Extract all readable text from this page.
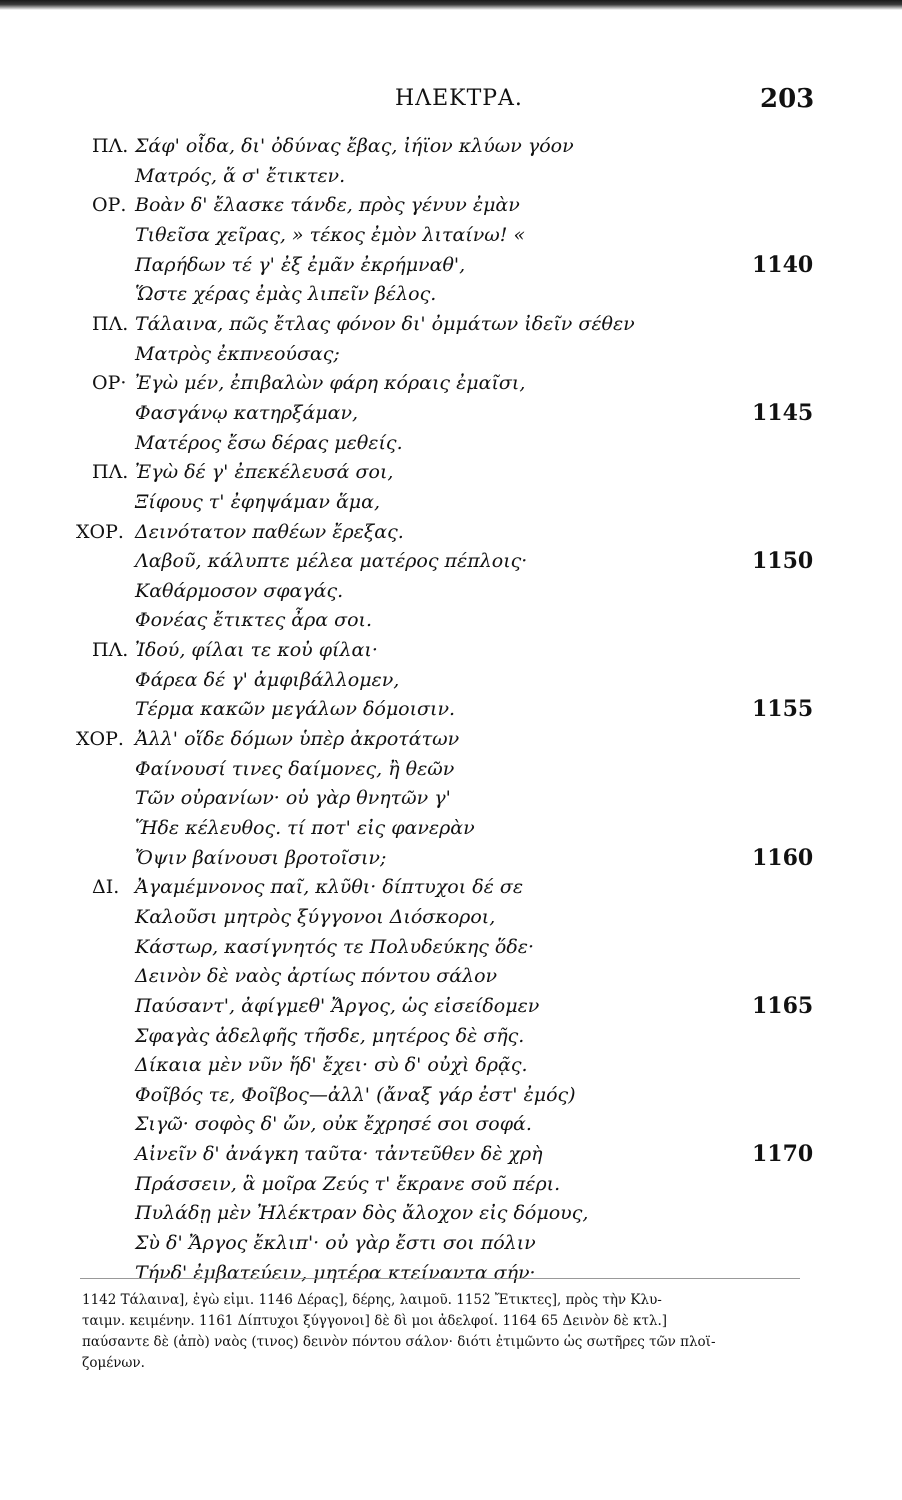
ΗΛΕΚΤΡΑ.	203
ΠΛ. Σάφ' οἶδα, δι' ὀδύνας ἔβας, ἰήϊον κλύων γόον
Ματρός, ἅ σ' ἔτικτεν.
ΟΡ. Βοὰν δ' ἔλασκε τάνδε, πρὸς γένυν ἐμὰν
Τιθεῖσα χεῖρας, » τέκος ἐμὸν λιταίνω! «
Παρήδων τέ γ' ἐξ ἐμᾶν ἐκρήμναθ',	1140
Ὥστε χέρας ἐμὰς λιπεῖν βέλος.
ΠΛ. Τάλαινα, πῶς ἔτλας φόνον δι' ὀμμάτων ἰδεῖν σέθεν
Ματρὸς ἐκπνεούσας;
ΟΡ· Ἐγὼ μέν, ἐπιβαλὼν φάρη κόραις ἐμαῖσι,
Φασγάνῳ κατηρξάμαν,	1145
Ματέρος ἔσω δέρας μεθείς.
ΠΛ. Ἐγὼ δέ γ' ἐπεκέλευσά σοι,
Ξίφους τ' ἐφηψάμαν ἅμα,
ΧΟΡ. Δεινότατον παθέων ἔρεξας.
Λαβοῦ, κάλυπτε μέλεα ματέρος πέπλοις·	1150
Καθάρμοσον σφαγάς.
Φονέας ἔτικτες ἆρα σοι.
ΠΛ. Ἰδού, φίλαι τε κοὐ φίλαι·
Φάρεα δέ γ' ἀμφιβάλλομεν,
Τέρμα κακῶν μεγάλων δόμοισιν.	1155
ΧΟΡ. Ἀλλ' οἵδε δόμων ὑπὲρ ἀκροτάτων
Φαίνουσί τινες δαίμονες, ἢ θεῶν
Τῶν οὐρανίων· οὐ γὰρ θνητῶν γ'
Ἥδε κέλευθος. τί ποτ' εἰς φανερὰν
Ὄψιν βαίνουσι βροτοῖσιν;	1160
ΔΙ. Ἀγαμέμνονος παῖ, κλῦθι· δίπτυχοι δέ σε
Καλοῦσι μητρὸς ξύγγονοι Διόσκοροι,
Κάστωρ, κασίγνητός τε Πολυδεύκης ὅδε·
Δεινὸν δὲ ναὸς ἀρτίως πόντου σάλον
Παύσαντ', ἀφίγμεθ' Ἄργος, ὡς εἰσείδομεν	1165
Σφαγὰς ἀδελφῆς τῆσδε, μητέρος δὲ σῆς.
Δίκαια μὲν νῦν ἥδ' ἔχει· σὺ δ' οὐχὶ δρᾷς.
Φοῖβός τε, Φοῖβος—ἀλλ' (ἄναξ γάρ ἐστ' ἐμός)
Σιγῶ· σοφὸς δ' ὤν, οὐκ ἔχρησέ σοι σοφά.
Αἰνεῖν δ' ἀνάγκη ταῦτα· τἀντεῦθεν δὲ χρὴ	1170
Πράσσειν, ἃ μοῖρα Ζεύς τ' ἔκρανε σοῦ πέρι.
Πυλάδῃ μὲν Ἠλέκτραν δὸς ἄλοχον εἰς δόμους,
Σὺ δ' Ἄργος ἔκλιπ'· οὐ γὰρ ἔστι σοι πόλιν
Τήνδ' ἐμβατεύειν, μητέρα κτείναντα σήν·
1142 Τάλαινα], ἐγὼ εἰμι. 1146 Δέρας], δέρης, λαιμοῦ. 1152 Ἔτικτες], πρὸς τὴν Κλυ-
ταιμν. κειμένην. 1161 Δίπτυχοι ξύγγονοι] δὲ δὶ μοι ἀδελφοί. 1164 65 Δεινὸν δὲ κτλ.]
παύσαντε δὲ (ἀπὸ) ναὸς (τινος) δεινὸν πόντου σάλον· διότι ἐτιμῶντο ὡς σωτῆρες τῶν πλοϊ-
ζομένων.
